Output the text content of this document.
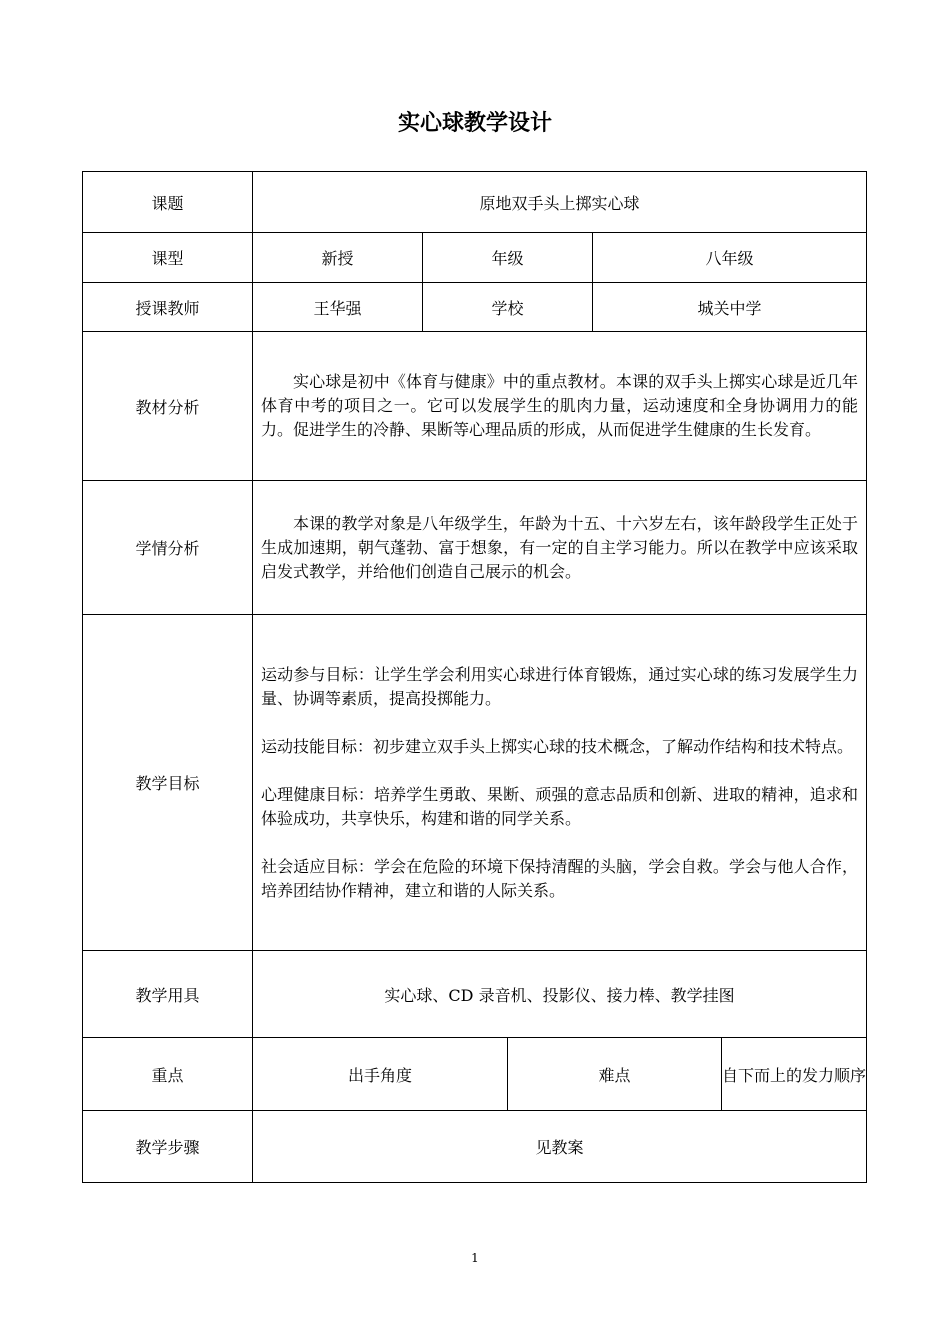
实心球教学设计
课题	原地双手头上掷实心球				
课型	新授	年级		八年级	
授课教师	王华强	学校		城关中学	
教材分析	实心球是初中《体育与健康》中的重点教材。本课的双手头上掷实心球是近几年体育中考的项目之一。它可以发展学生的肌肉力量，运动速度和全身协调用力的能力。促进学生的冷静、果断等心理品质的形成，从而促进学生健康的生长发育。				

学情分析	本课的教学对象是八年级学生，年龄为十五、十六岁左右，该年龄段学生正处于生成加速期，朝气蓬勃、富于想象，有一定的自主学习能力。所以在教学中应该采取启发式教学，并给他们创造自己展示的机会。				

教学目标	运动参与目标：让学生学会利用实心球进行体育锻炼，通过实心球的练习发展学生力量、协调等素质，提高投掷能力。

运动技能目标：初步建立双手头上掷实心球的技术概念，了解动作结构和技术特点。

心理健康目标：培养学生勇敢、果断、顽强的意志品质和创新、进取的精神，追求和体验成功，共享快乐，构建和谐的同学关系。

社会适应目标：学会在危险的环境下保持清醒的头脑，学会自救。学会与他人合作，培养团结协作精神，建立和谐的人际关系。				

教学用具	实心球、CD 录音机、投影仪、接力棒、教学挂图				
重点	出手角度		难点		自下而上的发力顺序
教学步骤	见教案				
1
